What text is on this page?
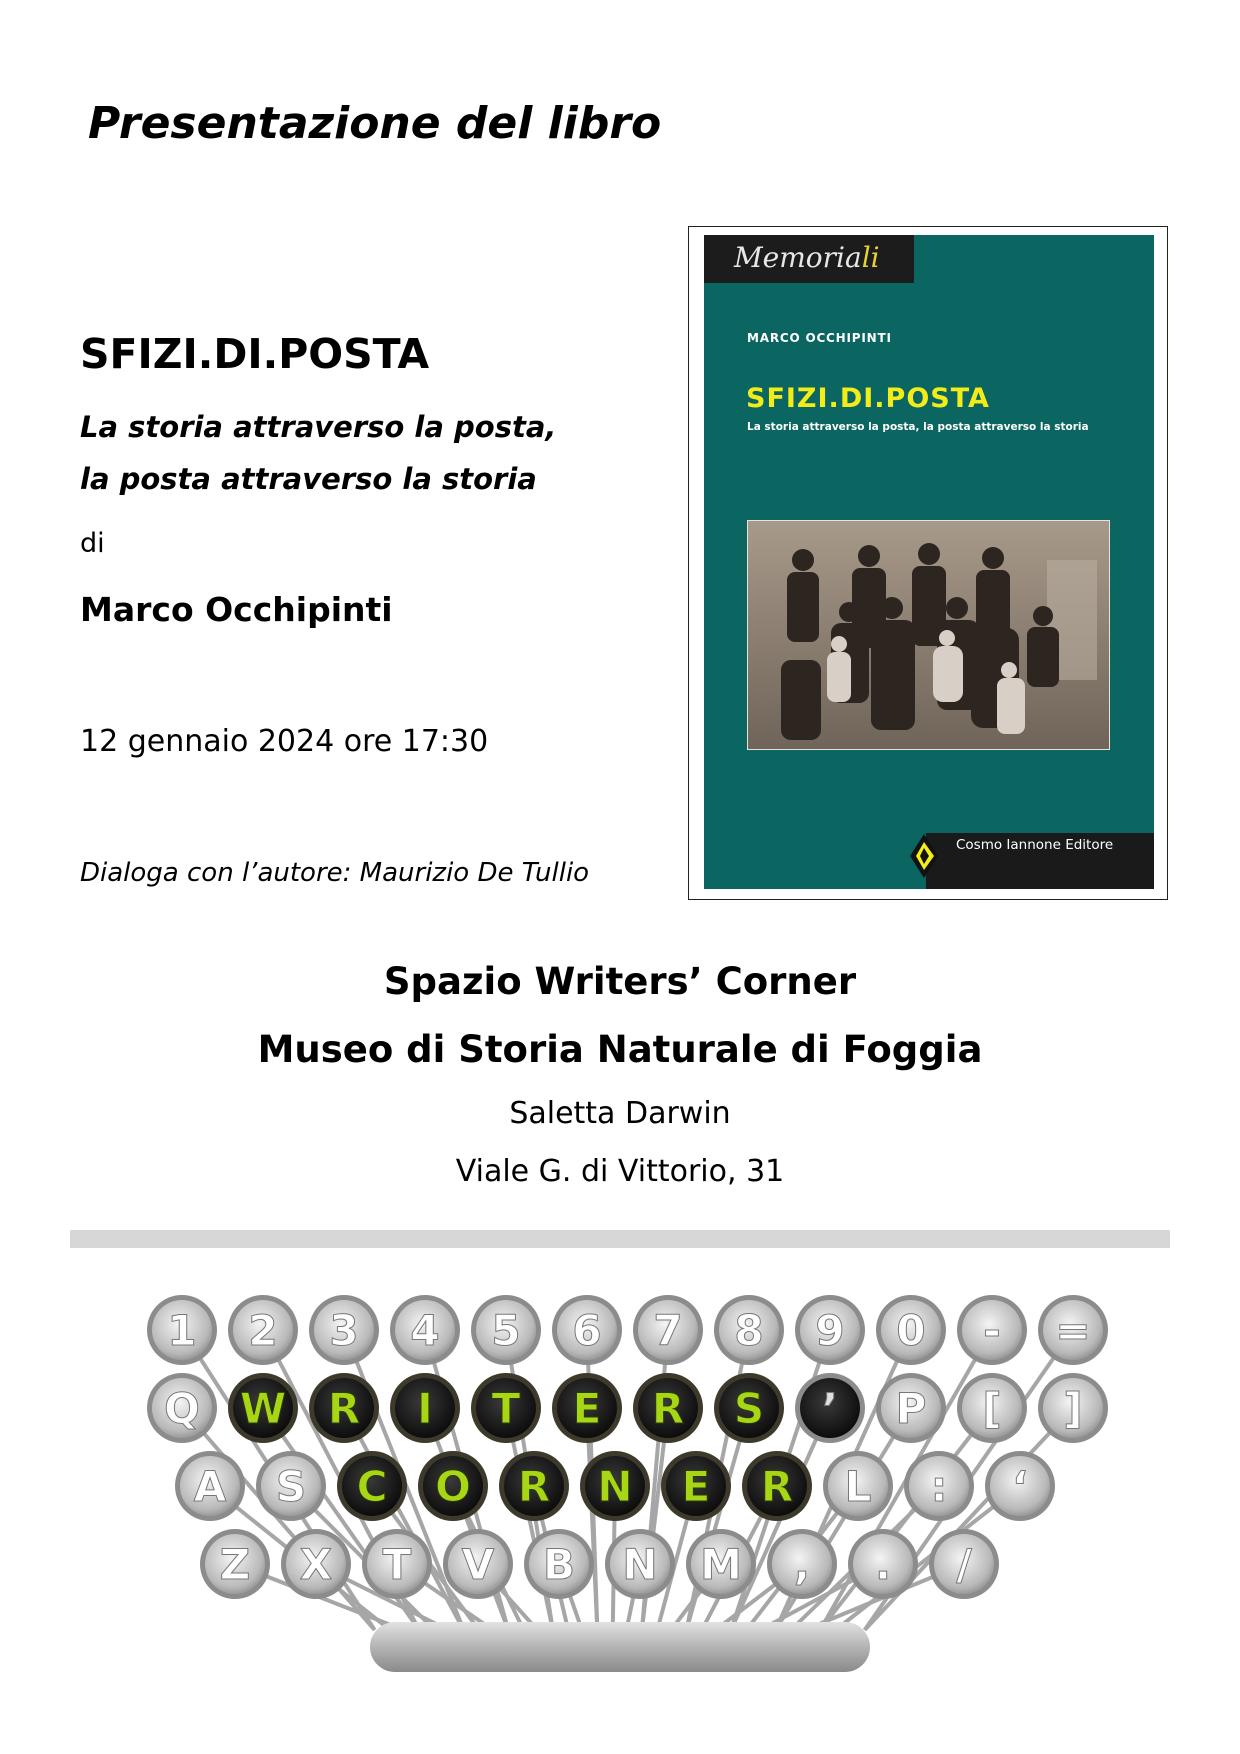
Presentazione del libro
SFIZI.DI.POSTA
La storia attraverso la posta,
la posta attraverso la storia
di
Marco Occhipinti
12 gennaio 2024 ore 17:30
Dialoga con l’autore: Maurizio De Tullio
Memoriali
MARCO OCCHIPINTI
SFIZI.DI.POSTA
La storia attraverso la posta, la posta attraverso la storia
Cosmo Iannone Editore
Spazio Writers’ Corner
Museo di Storia Naturale di Foggia
Saletta Darwin
Viale G. di Vittorio, 31
1 2 3 4 5 6 7 8 9 0 - =
Q W R I T E R S ’ P [ ]
A S C O R N E R L : ‘
Z X T V B N M , . /
